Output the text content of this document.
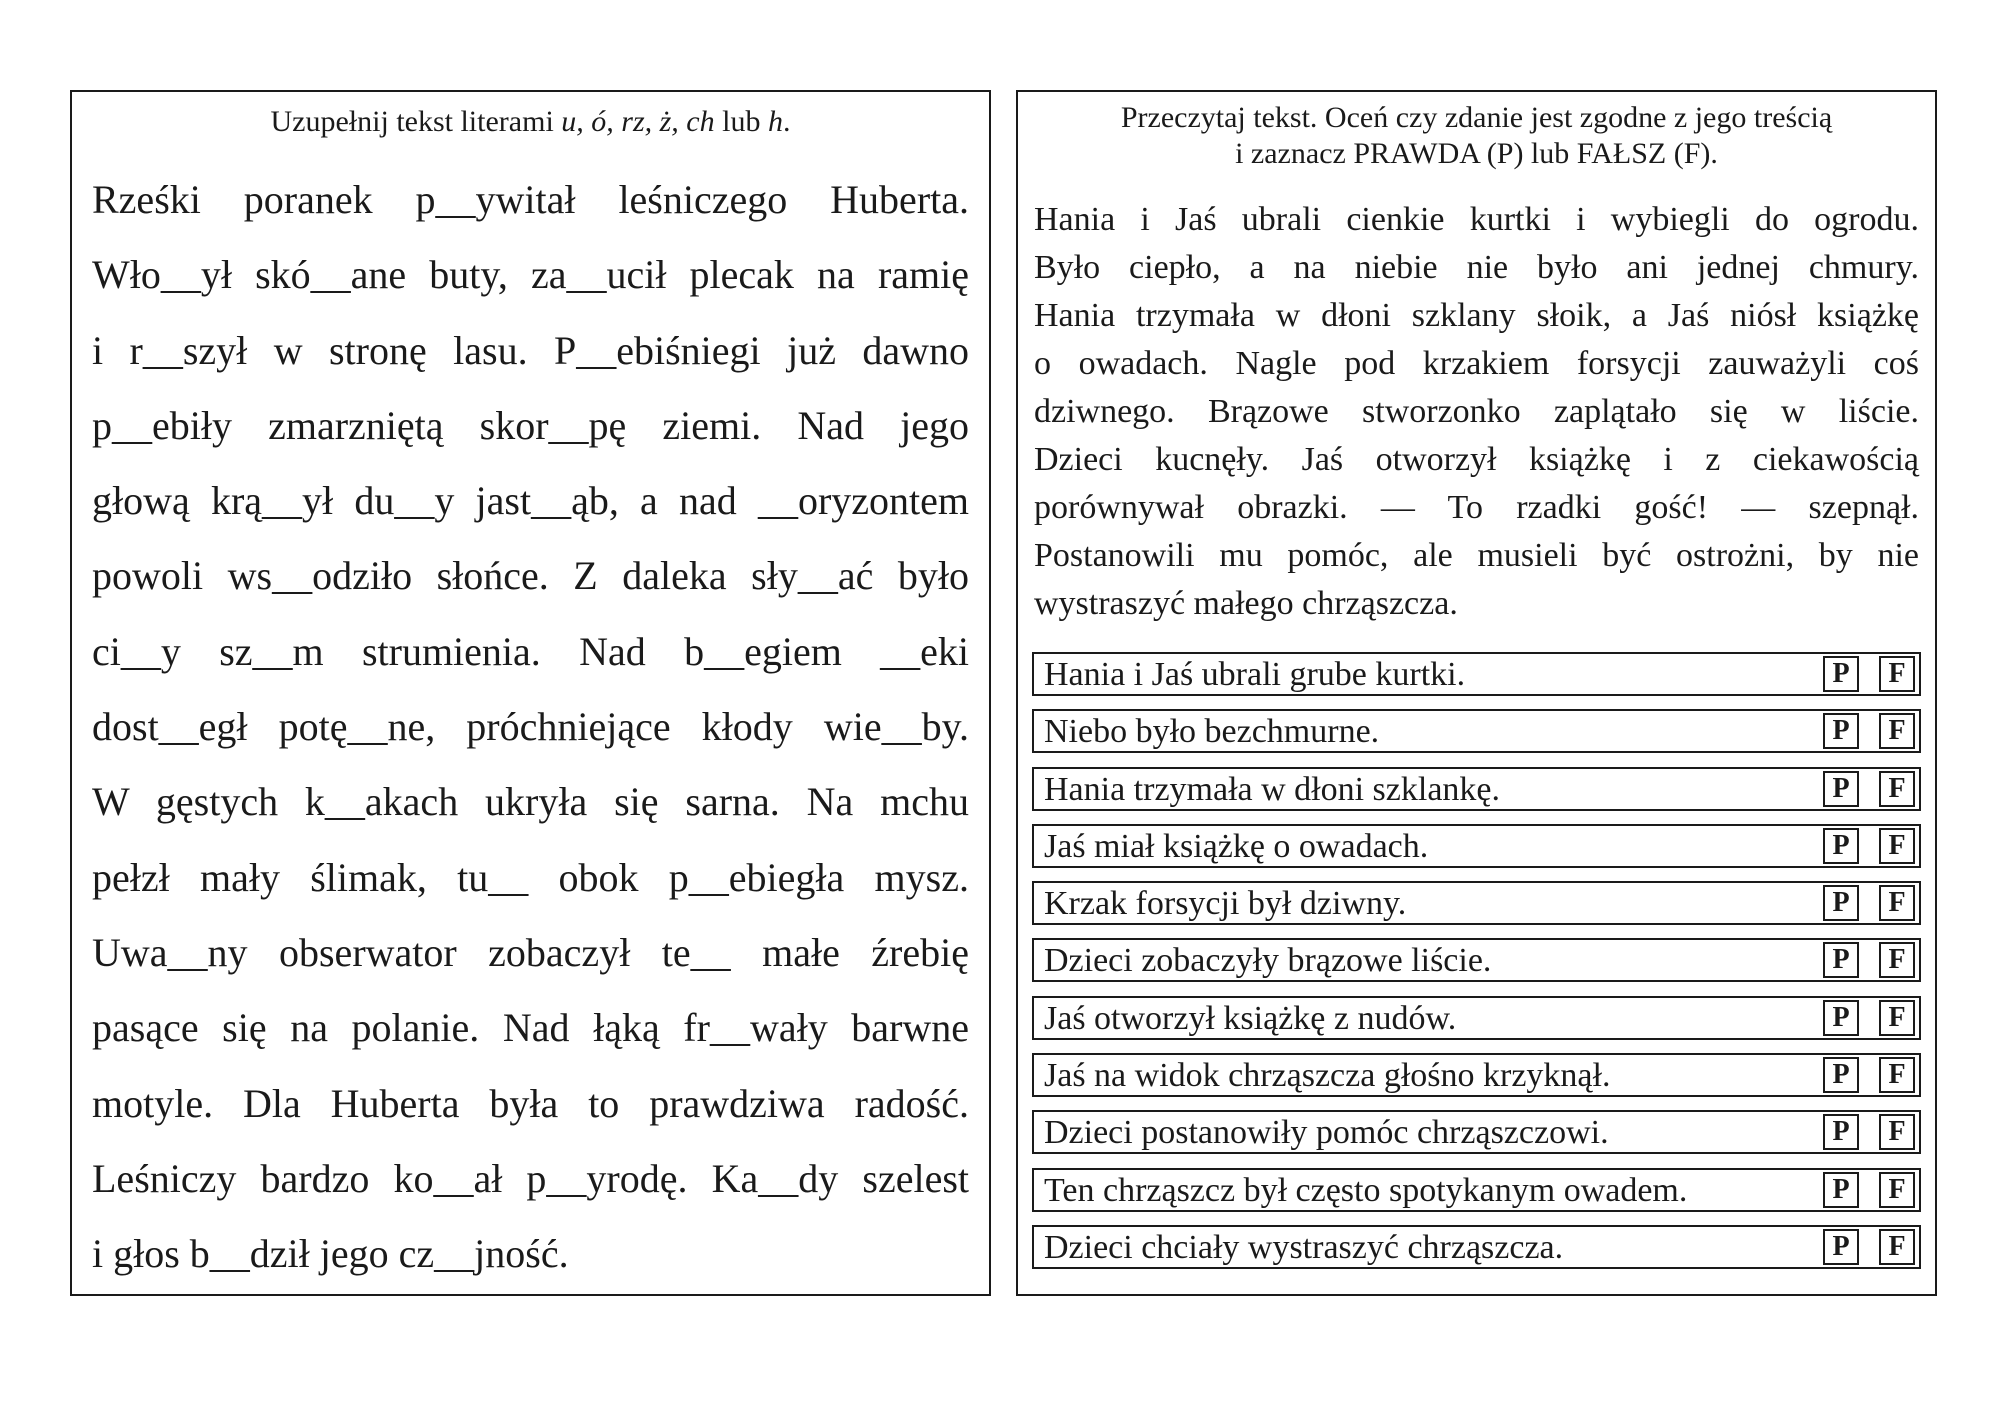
Uzupełnij tekst literami u, ó, rz, ż, ch lub h.
Rześki poranek p__ywitał leśniczego Huberta.
Wło__ył skó__ane buty, za__ucił plecak na ramię
i r__szył w stronę lasu. P__ebiśniegi już dawno
p__ebiły zmarzniętą skor__pę ziemi. Nad jego
głową krą__ył du__y jast__ąb, a nad __oryzontem
powoli ws__odziło słońce. Z daleka sły__ać było
ci__y sz__m strumienia. Nad b__egiem __eki
dost__egł potę__ne, próchniejące kłody wie__by.
W gęstych k__akach ukryła się sarna. Na mchu
pełzł mały ślimak, tu__ obok p__ebiegła mysz.
Uwa__ny obserwator zobaczył te__ małe źrebię
pasące się na polanie. Nad łąką fr__wały barwne
motyle. Dla Huberta była to prawdziwa radość.
Leśniczy bardzo ko__ał p__yrodę. Ka__dy szelest
i głos b__dził jego cz__jność.
Przeczytaj tekst. Oceń czy zdanie jest zgodne z jego treścią
i zaznacz PRAWDA (P) lub FAŁSZ (F).
Hania i Jaś ubrali cienkie kurtki i wybiegli do ogrodu.
Było ciepło, a na niebie nie było ani jednej chmury.
Hania trzymała w dłoni szklany słoik, a Jaś niósł książkę
o owadach. Nagle pod krzakiem forsycji zauważyli coś
dziwnego. Brązowe stworzonko zaplątało się w liście.
Dzieci kucnęły. Jaś otworzył książkę i z ciekawością
porównywał obrazki. — To rzadki gość! — szepnął.
Postanowili mu pomóc, ale musieli być ostrożni, by nie
wystraszyć małego chrząszcza.
Hania i Jaś ubrali grube kurtki.	P	F
Niebo było bezchmurne.	P	F
Hania trzymała w dłoni szklankę.	P	F
Jaś miał książkę o owadach.	P	F
Krzak forsycji był dziwny.	P	F
Dzieci zobaczyły brązowe liście.	P	F
Jaś otworzył książkę z nudów.	P	F
Jaś na widok chrząszcza głośno krzyknął.	P	F
Dzieci postanowiły pomóc chrząszczowi.	P	F
Ten chrząszcz był często spotykanym owadem.	P	F
Dzieci chciały wystraszyć chrząszcza.	P	F
